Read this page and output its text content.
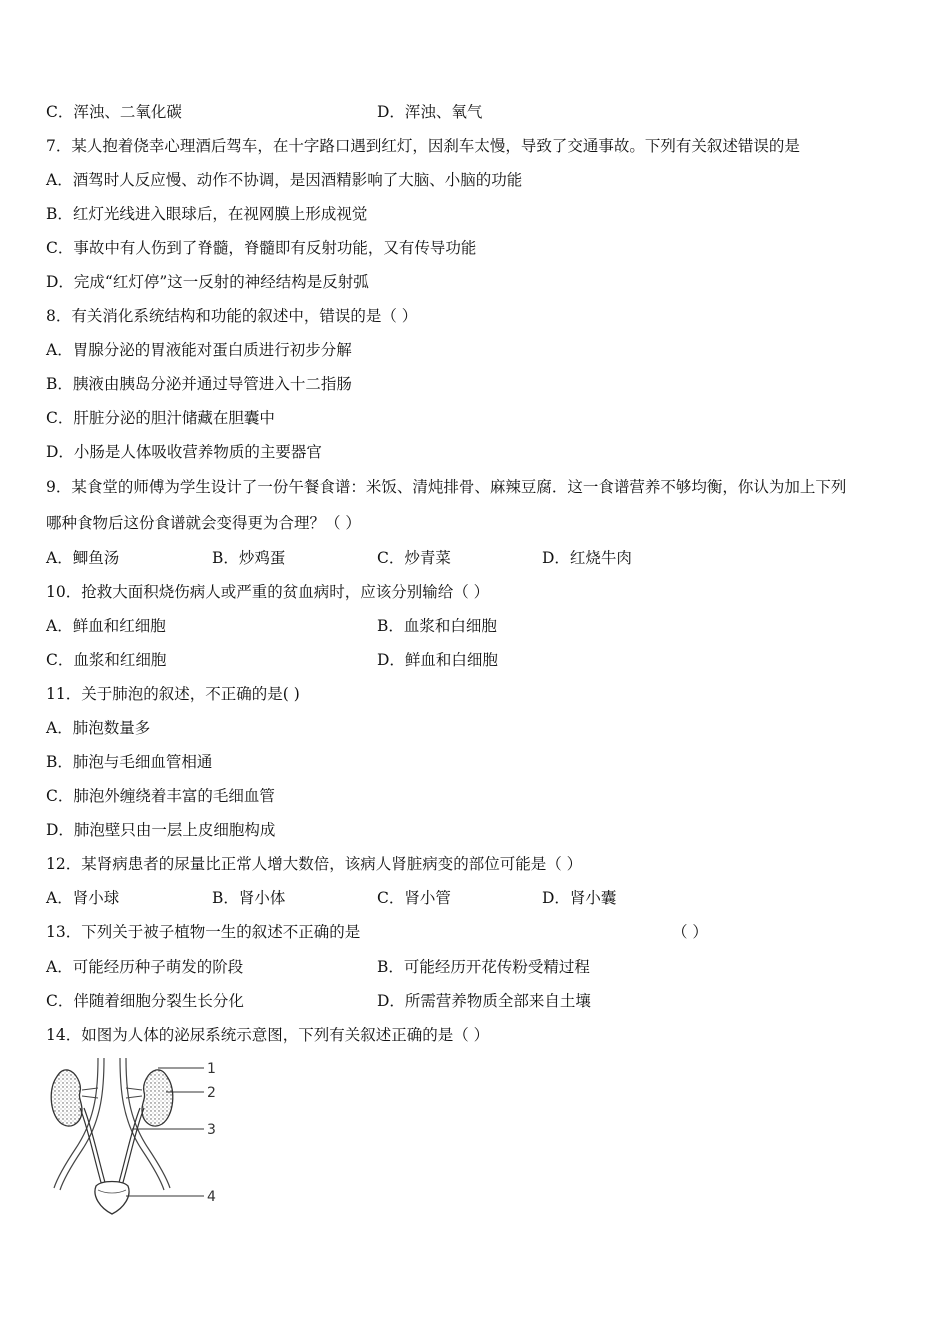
C．浑浊、二氧化碳	D．浑浊、氧气
7．某人抱着侥幸心理酒后驾车，在十字路口遇到红灯，因刹车太慢，导致了交通事故。下列有关叙述错误的是
A．酒驾时人反应慢、动作不协调，是因酒精影响了大脑、小脑的功能
B．红灯光线进入眼球后，在视网膜上形成视觉
C．事故中有人伤到了脊髓，脊髓即有反射功能，又有传导功能
D．完成“红灯停”这一反射的神经结构是反射弧
8．有关消化系统结构和功能的叙述中，错误的是（ ）
A．胃腺分泌的胃液能对蛋白质进行初步分解
B．胰液由胰岛分泌并通过导管进入十二指肠
C．肝脏分泌的胆汁储藏在胆囊中
D．小肠是人体吸收营养物质的主要器官
9．某食堂的师傅为学生设计了一份午餐食谱：米饭、清炖排骨、麻辣豆腐．这一食谱营养不够均衡，你认为加上下列
哪种食物后这份食谱就会变得更为合理？（ ）
A．鲫鱼汤	B．炒鸡蛋	C．炒青菜	D．红烧牛肉
10．抢救大面积烧伤病人或严重的贫血病时，应该分别输给（ ）
A．鲜血和红细胞	B．血浆和白细胞
C．血浆和红细胞	D．鲜血和白细胞
11．关于肺泡的叙述，不正确的是( )
A．肺泡数量多
B．肺泡与毛细血管相通
C．肺泡外缠绕着丰富的毛细血管
D．肺泡壁只由一层上皮细胞构成
12．某肾病患者的尿量比正常人增大数倍，该病人肾脏病变的部位可能是（ ）
A．肾小球	B．肾小体	C．肾小管	D．肾小囊
13．下列关于被子植物一生的叙述不正确的是	（ ）
A．可能经历种子萌发的阶段	B．可能经历开花传粉受精过程
C．伴随着细胞分裂生长分化	D．所需营养物质全部来自土壤
14．如图为人体的泌尿系统示意图，下列有关叙述正确的是（ ）
1
2
3
4
